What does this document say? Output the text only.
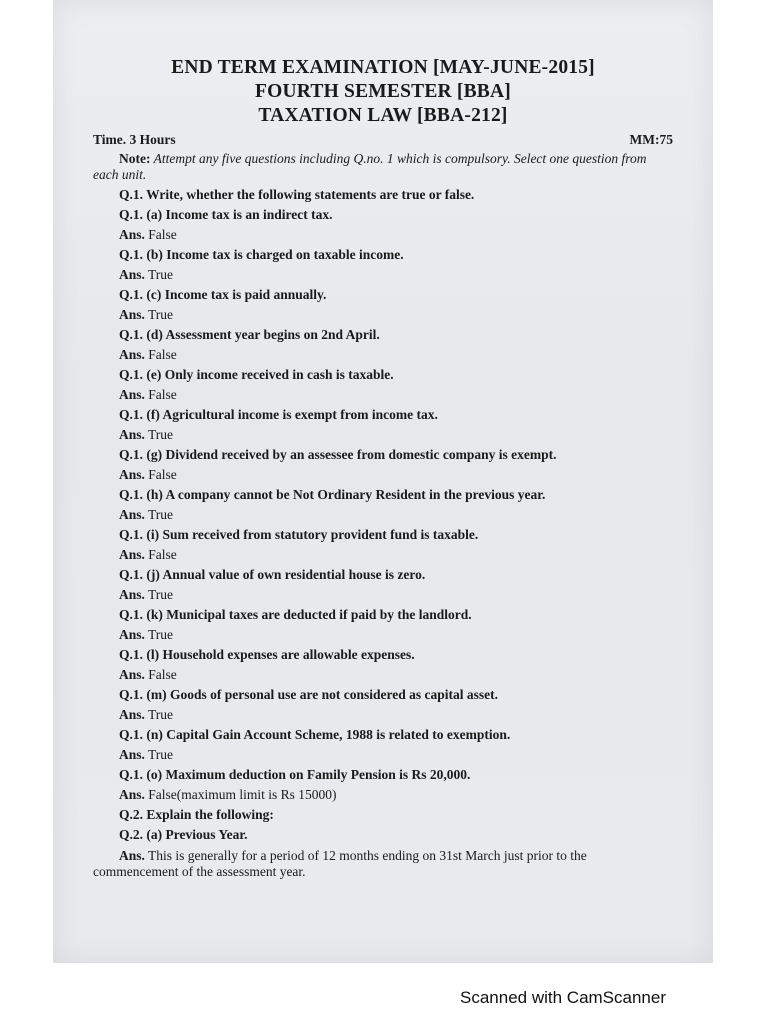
END TERM EXAMINATION [MAY-JUNE-2015]
FOURTH SEMESTER [BBA]
TAXATION LAW [BBA-212]
Time. 3 Hours	MM:75
Note: Attempt any five questions including Q.no. 1 which is compulsory. Select one question from each unit.
Q.1. Write, whether the following statements are true or false.
Q.1. (a) Income tax is an indirect tax.
Ans. False
Q.1. (b) Income tax is charged on taxable income.
Ans. True
Q.1. (c) Income tax is paid annually.
Ans. True
Q.1. (d) Assessment year begins on 2nd April.
Ans. False
Q.1. (e) Only income received in cash is taxable.
Ans. False
Q.1. (f) Agricultural income is exempt from income tax.
Ans. True
Q.1. (g) Dividend received by an assessee from domestic company is exempt.
Ans. False
Q.1. (h) A company cannot be Not Ordinary Resident in the previous year.
Ans. True
Q.1. (i) Sum received from statutory provident fund is taxable.
Ans. False
Q.1. (j) Annual value of own residential house is zero.
Ans. True
Q.1. (k) Municipal taxes are deducted if paid by the landlord.
Ans. True
Q.1. (l) Household expenses are allowable expenses.
Ans. False
Q.1. (m) Goods of personal use are not considered as capital asset.
Ans. True
Q.1. (n) Capital Gain Account Scheme, 1988 is related to exemption.
Ans. True
Q.1. (o) Maximum deduction on Family Pension is Rs 20,000.
Ans. False(maximum limit is Rs 15000)
Q.2. Explain the following:
Q.2. (a) Previous Year.
Ans. This is generally for a period of 12 months ending on 31st March just prior to the commencement of the assessment year.
Scanned with CamScanner
